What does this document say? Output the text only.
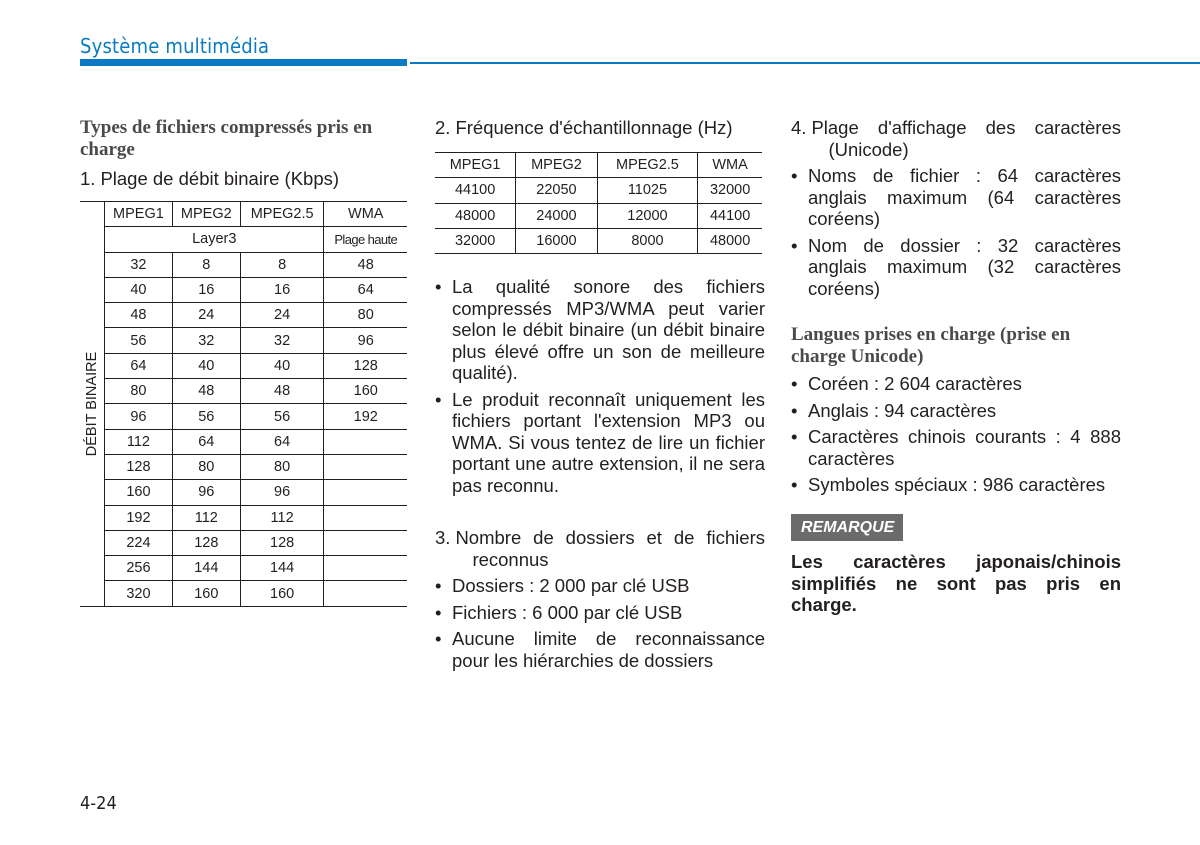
Système multimédia

Types de fichiers compressés pris en charge

1. Plage de débit binaire (Kbps)
DÉBIT BINAIRE	MPEG1	MPEG2	MPEG2.5	WMA
	Layer3			Plage haute
	32	8	8	48
	40	16	16	64
	48	24	24	80
	56	32	32	96
	64	40	40	128
	80	48	48	160
	96	56	56	192
	112	64	64	
	128	80	80	
	160	96	96	
	192	112	112	
	224	128	128	
	256	144	144	
	320	160	160	
2. Fréquence d'échantillonnage (Hz)
MPEG1	MPEG2	MPEG2.5	WMA
44100	22050	11025	32000
48000	24000	12000	44100
32000	16000	8000	48000
• La qualité sonore des fichiers compressés MP3/WMA peut varier selon le débit binaire (un débit binaire plus élevé offre un son de meilleure qualité).
• Le produit reconnaît uniquement les fichiers portant l'extension MP3 ou WMA. Si vous tentez de lire un fichier portant une autre extension, il ne sera pas reconnu.
3. Nombre de dossiers et de fichiers reconnus
• Dossiers : 2 000 par clé USB
• Fichiers : 6 000 par clé USB
• Aucune limite de reconnaissance pour les hiérarchies de dossiers
4. Plage d'affichage des caractères (Unicode)
• Noms de fichier : 64 caractères anglais maximum (64 caractères coréens)
• Nom de dossier : 32 caractères anglais maximum (32 caractères coréens)

Langues prises en charge (prise en charge Unicode)

• Coréen : 2 604 caractères
• Anglais : 94 caractères
• Caractères chinois courants : 4 888 caractères
• Symboles spéciaux : 986 caractères
REMARQUE

Les caractères japonais/chinois simplifiés ne sont pas pris en charge.

4-24
